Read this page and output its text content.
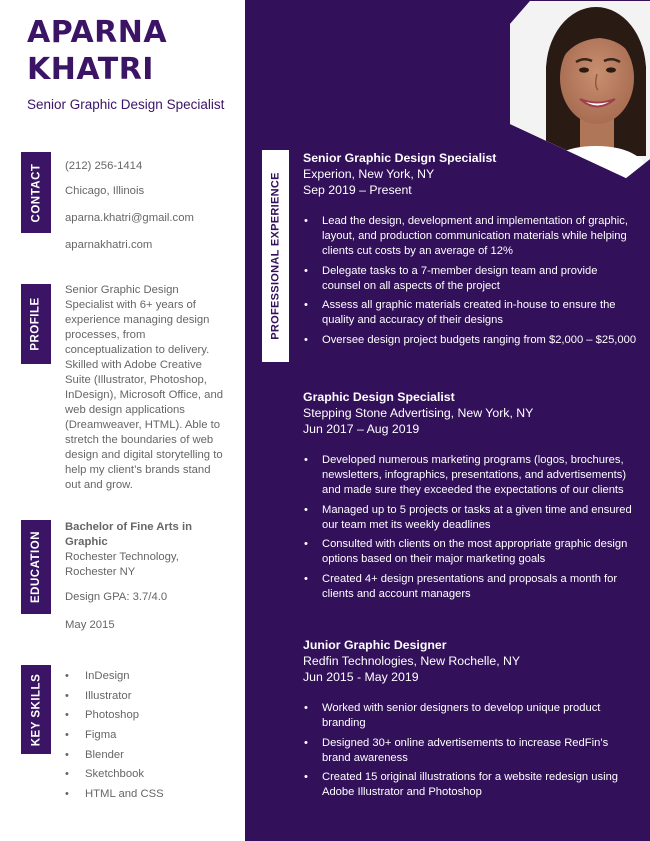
APARNA
KHATRI
Senior Graphic Design Specialist
CONTACT (212) 256-1414
Chicago, Illinois
aparna.khatri@gmail.com
aparnakhatri.com
PROFILE
Senior Graphic Design Specialist with 6+ years of experience managing design processes, from conceptualization to delivery. Skilled with Adobe Creative Suite (Illustrator, Photoshop, InDesign), Microsoft Office, and web design applications (Dreamweaver, HTML). Able to stretch the boundaries of web design and digital storytelling to help my client’s brands stand out and grow.
EDUCATION
Bachelor of Fine Arts in Graphic
Rochester Technology, Rochester NY
Design GPA: 3.7/4.0
May 2015
KEY SKILLS
•	InDesign
• Illustrator
• Photoshop
• Figma
• Blender
• Sketchbook
• HTML and CSS
PROFESSIONAL EXPERIENCE
Senior Graphic Design Specialist
Experion, New York, NY
Sep 2019 – Present
• Lead the design, development and implementation of graphic, layout, and production communication materials while helping clients cut costs by an average of 12%
• Delegate tasks to a 7-member design team and provide counsel on all aspects of the project
• Assess all graphic materials created in-house to ensure the quality and accuracy of their designs
• Oversee design project budgets ranging from $2,000 – $25,000
Graphic Design Specialist
Stepping Stone Advertising, New York, NY
Jun 2017 – Aug 2019
• Developed numerous marketing programs (logos, brochures, newsletters, infographics, presentations, and advertisements) and made sure they exceeded the expectations of our clients
• Managed up to 5 projects or tasks at a given time and ensured our team met its weekly deadlines
• Consulted with clients on the most appropriate graphic design options based on their major marketing goals
• Created 4+ design presentations and proposals a month for clients and account managers
Junior Graphic Designer
Redfin Technologies, New Rochelle, NY
Jun 2015 - May 2019
• Worked with senior designers to develop unique product branding
• Designed 30+ online advertisements to increase RedFin’s brand awareness
• Created 15 original illustrations for a website redesign using Adobe Illustrator and Photoshop
